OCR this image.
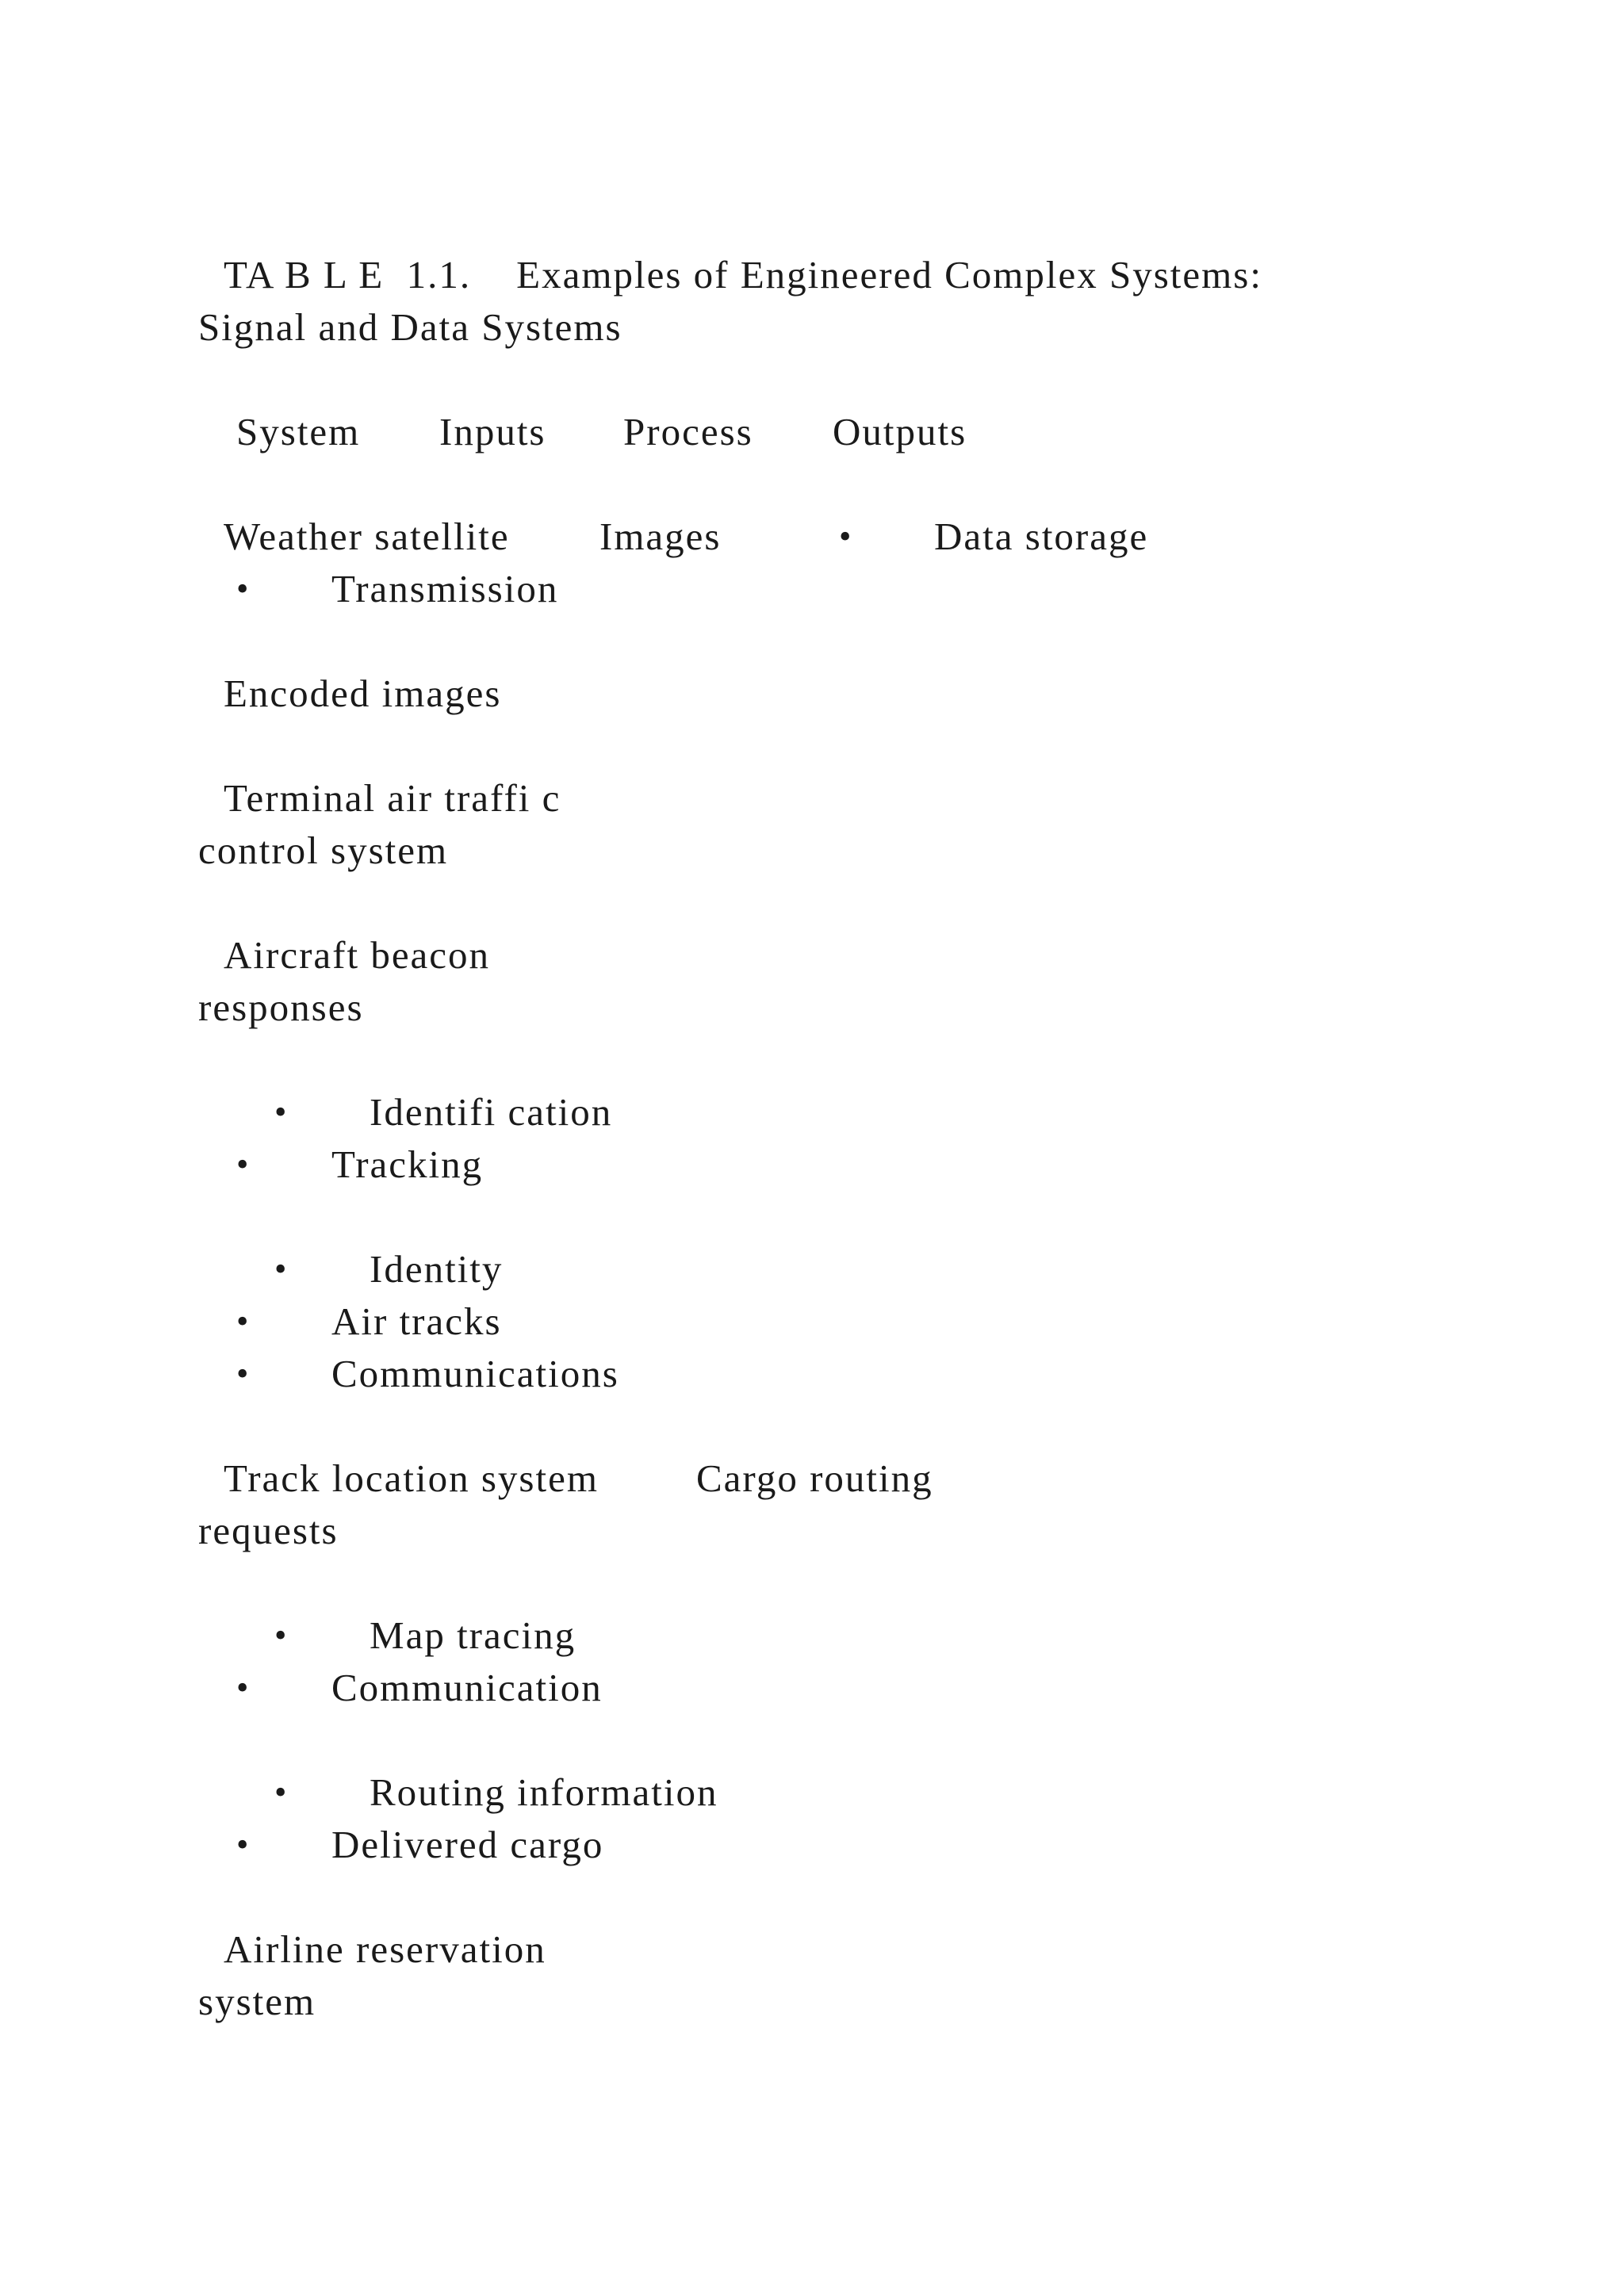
TA B L E  1.1.    Examples of Engineered Complex Systems:
Signal and Data Systems
System Inputs Process Outputs
Weather satellite Images	• Data storage
• Transmission
Encoded images
Terminal air traffi c
control system
Aircraft beacon
responses
• Identifi cation
• Tracking
• Identity
• Air tracks
• Communications
Track location system	Cargo routing
requests
• Map tracing
• Communication
• Routing information
• Delivered cargo
Airline reservation
system
